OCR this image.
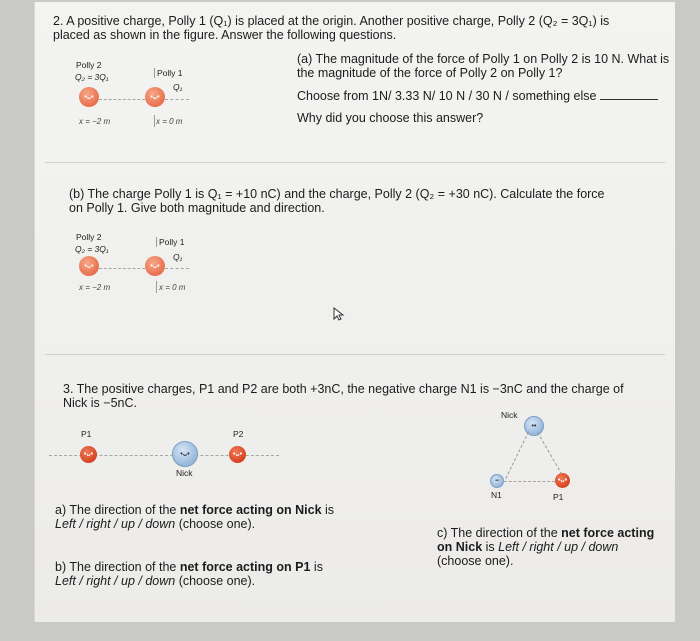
2. A positive charge, Polly 1 (Q₁) is placed at the origin. Another positive charge, Polly 2 (Q₂ = 3Q₁) is
placed as shown in the figure. Answer the following questions.
Polly 2
Q₂ = 3Q₁	Polly 1
Q₁
•ᴗ•	•ᴗ•
x = −2 m	x = 0 m
(a) The magnitude of the force of Polly 1 on Polly 2 is 10 N. What is
the magnitude of the force of Polly 2 on Polly 1?
Choose from 1N/ 3.33 N/ 10 N / 30 N / something else
Why did you choose this answer?
(b) The charge Polly 1 is Q₁ = +10 nC) and the charge, Polly 2 (Q₂ = +30 nC). Calculate the force
on Polly 1. Give both magnitude and direction.
Polly 2
Q₂ = 3Q₁
Polly 1
Q₁
•ᴗ•	•ᴗ•
x = −2 m	x = 0 m
3. The positive charges, P1 and P2 are both +3nC, the negative charge N1 is −3nC and the charge of
Nick is −5nC.
P1	P2
•ᴗ•	•ᴗ•	•ᴗ•
Nick
Nick
••
••	•ᴗ•
N1	P1
a) The direction of the net force acting on Nick is
Left / right / up / down (choose one).
c) The direction of the net force acting
on Nick is Left / right / up / down
(choose one).
b) The direction of the net force acting on P1 is
Left / right / up / down (choose one).
